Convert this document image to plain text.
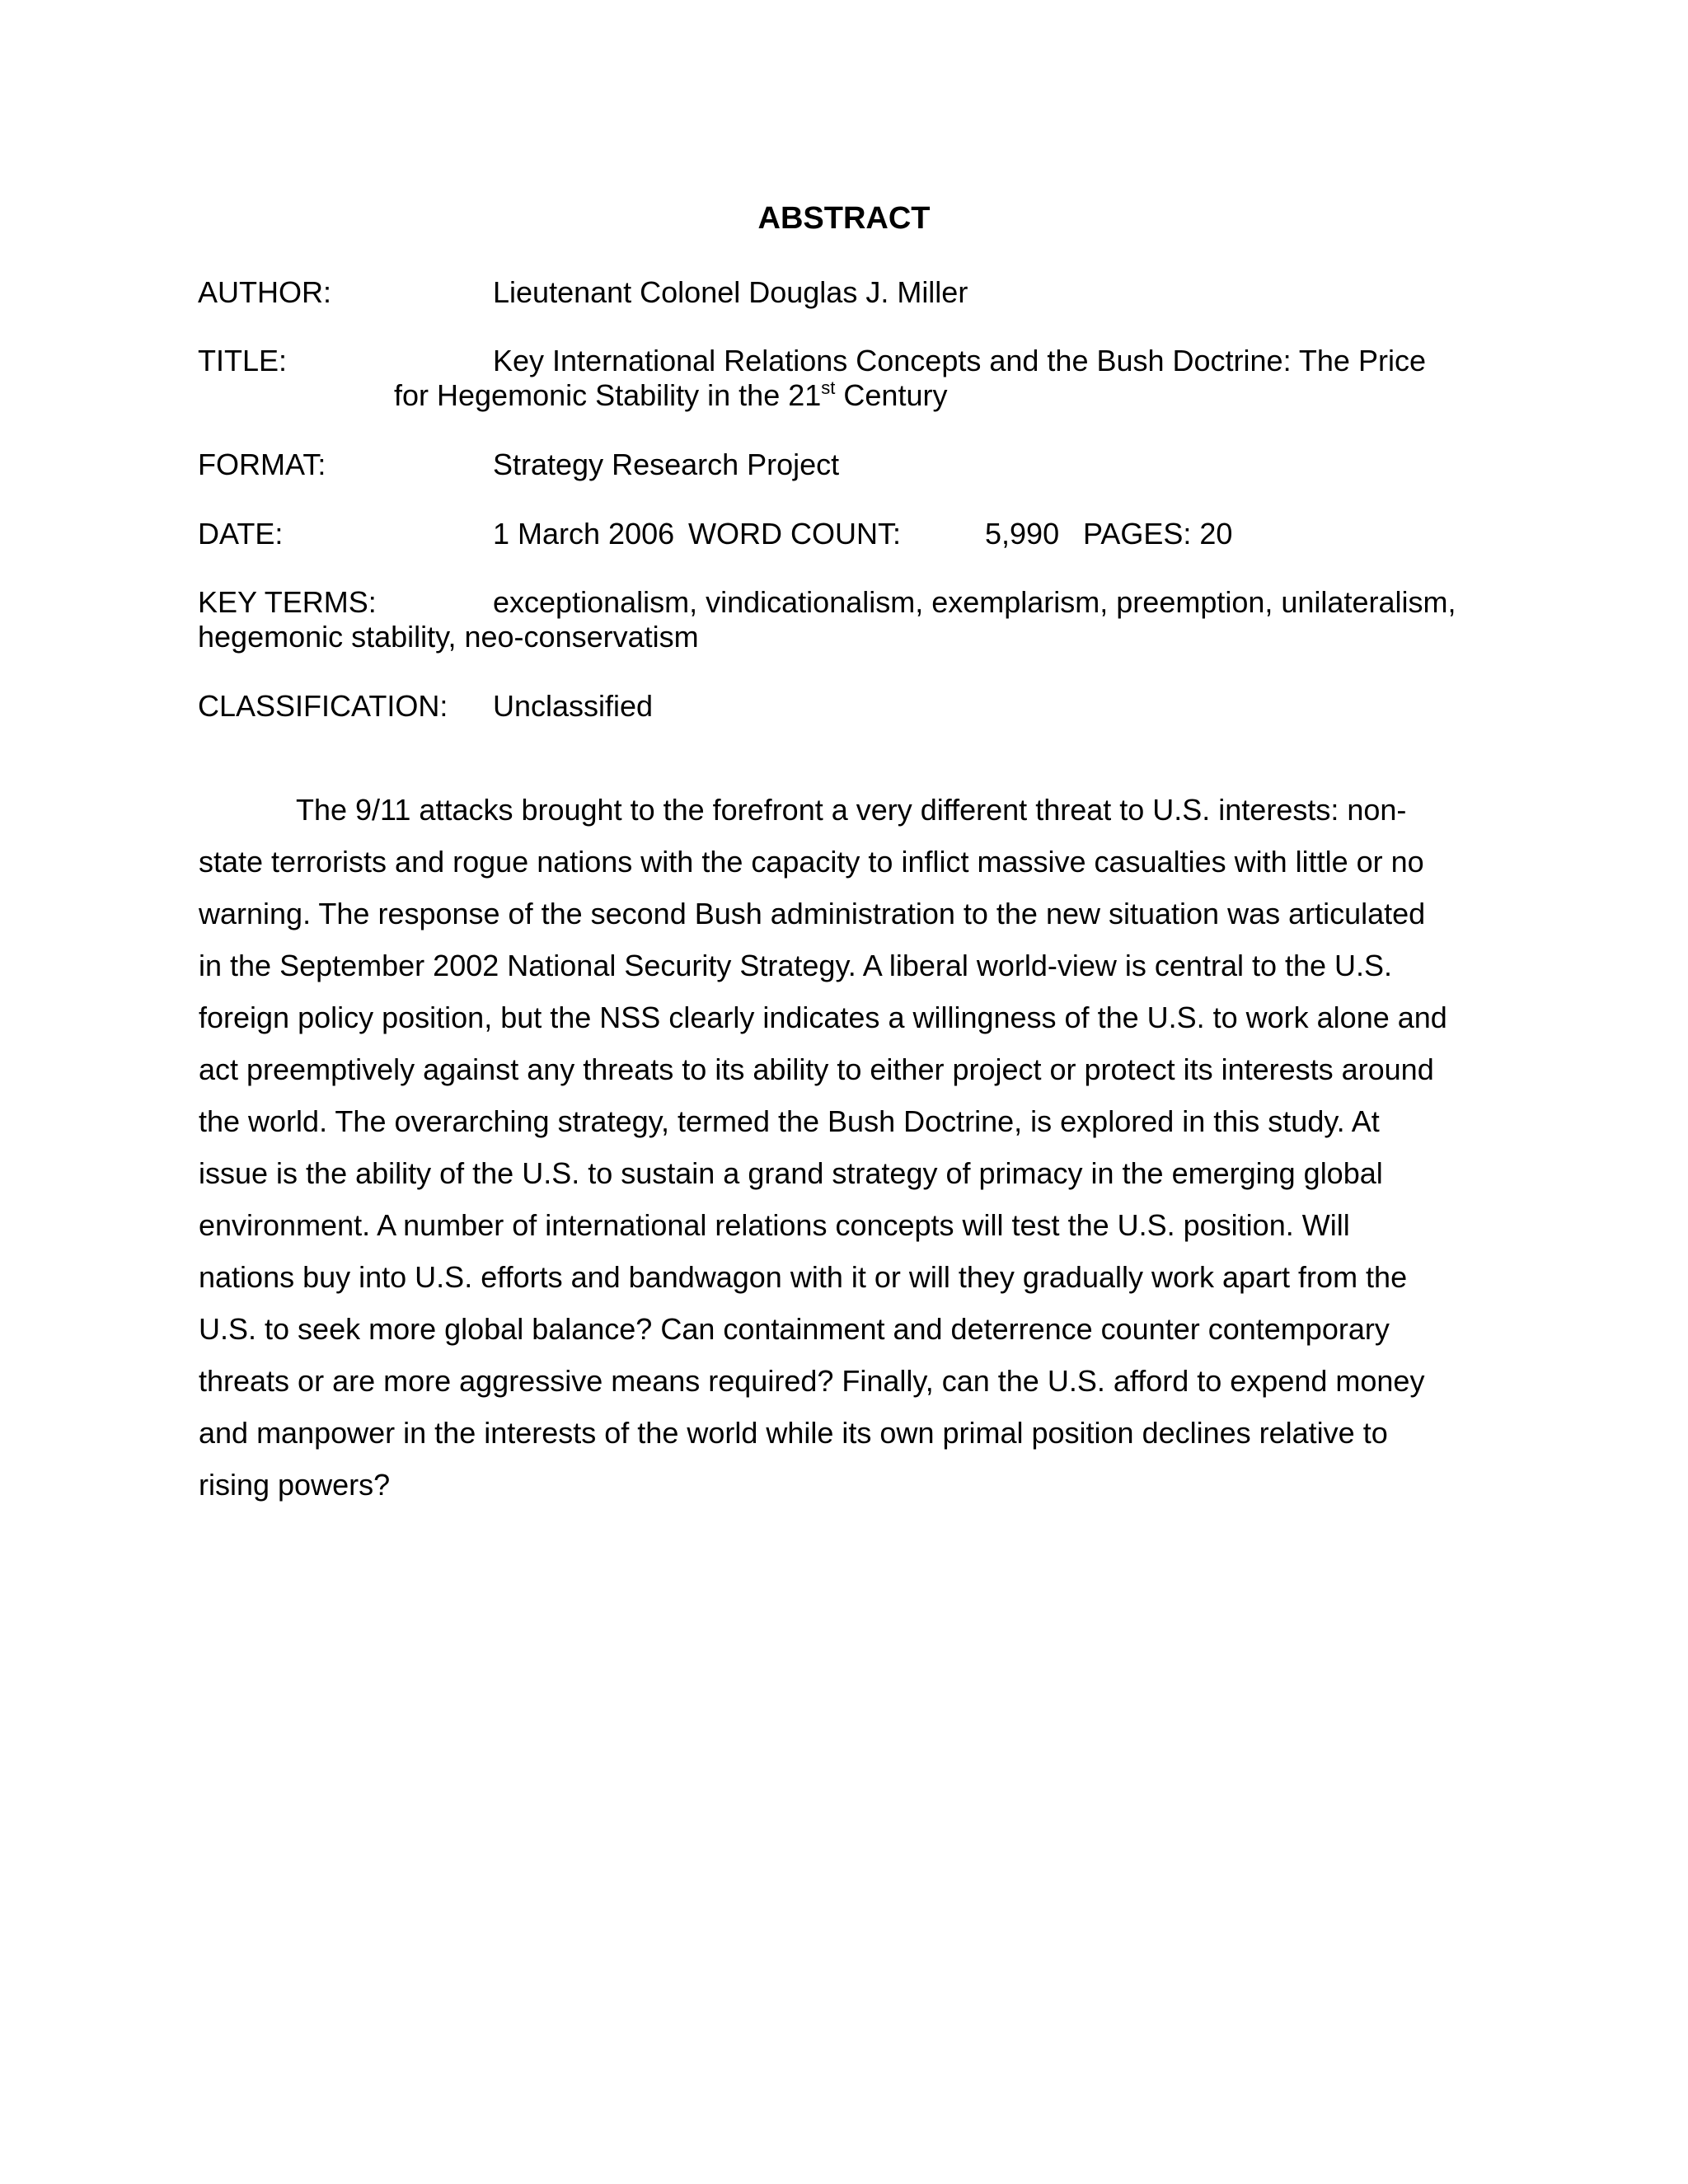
ABSTRACT
AUTHOR:	Lieutenant Colonel Douglas J. Miller
TITLE:	Key International Relations Concepts and the Bush Doctrine: The Price
for Hegemonic Stability in the 21st Century
FORMAT:	Strategy Research Project
DATE:	1 March 2006 WORD COUNT:	5,990 PAGES: 20
KEY TERMS:	exceptionalism, vindicationalism, exemplarism, preemption, unilateralism,
hegemonic stability, neo-conservatism
CLASSIFICATION: Unclassified
The 9/11 attacks brought to the forefront a very different threat to U.S. interests: non-
state terrorists and rogue nations with the capacity to inflict massive casualties with little or no
warning. The response of the second Bush administration to the new situation was articulated
in the September 2002 National Security Strategy. A liberal world-view is central to the U.S.
foreign policy position, but the NSS clearly indicates a willingness of the U.S. to work alone and
act preemptively against any threats to its ability to either project or protect its interests around
the world. The overarching strategy, termed the Bush Doctrine, is explored in this study. At
issue is the ability of the U.S. to sustain a grand strategy of primacy in the emerging global
environment. A number of international relations concepts will test the U.S. position. Will
nations buy into U.S. efforts and bandwagon with it or will they gradually work apart from the
U.S. to seek more global balance? Can containment and deterrence counter contemporary
threats or are more aggressive means required? Finally, can the U.S. afford to expend money
and manpower in the interests of the world while its own primal position declines relative to
rising powers?
